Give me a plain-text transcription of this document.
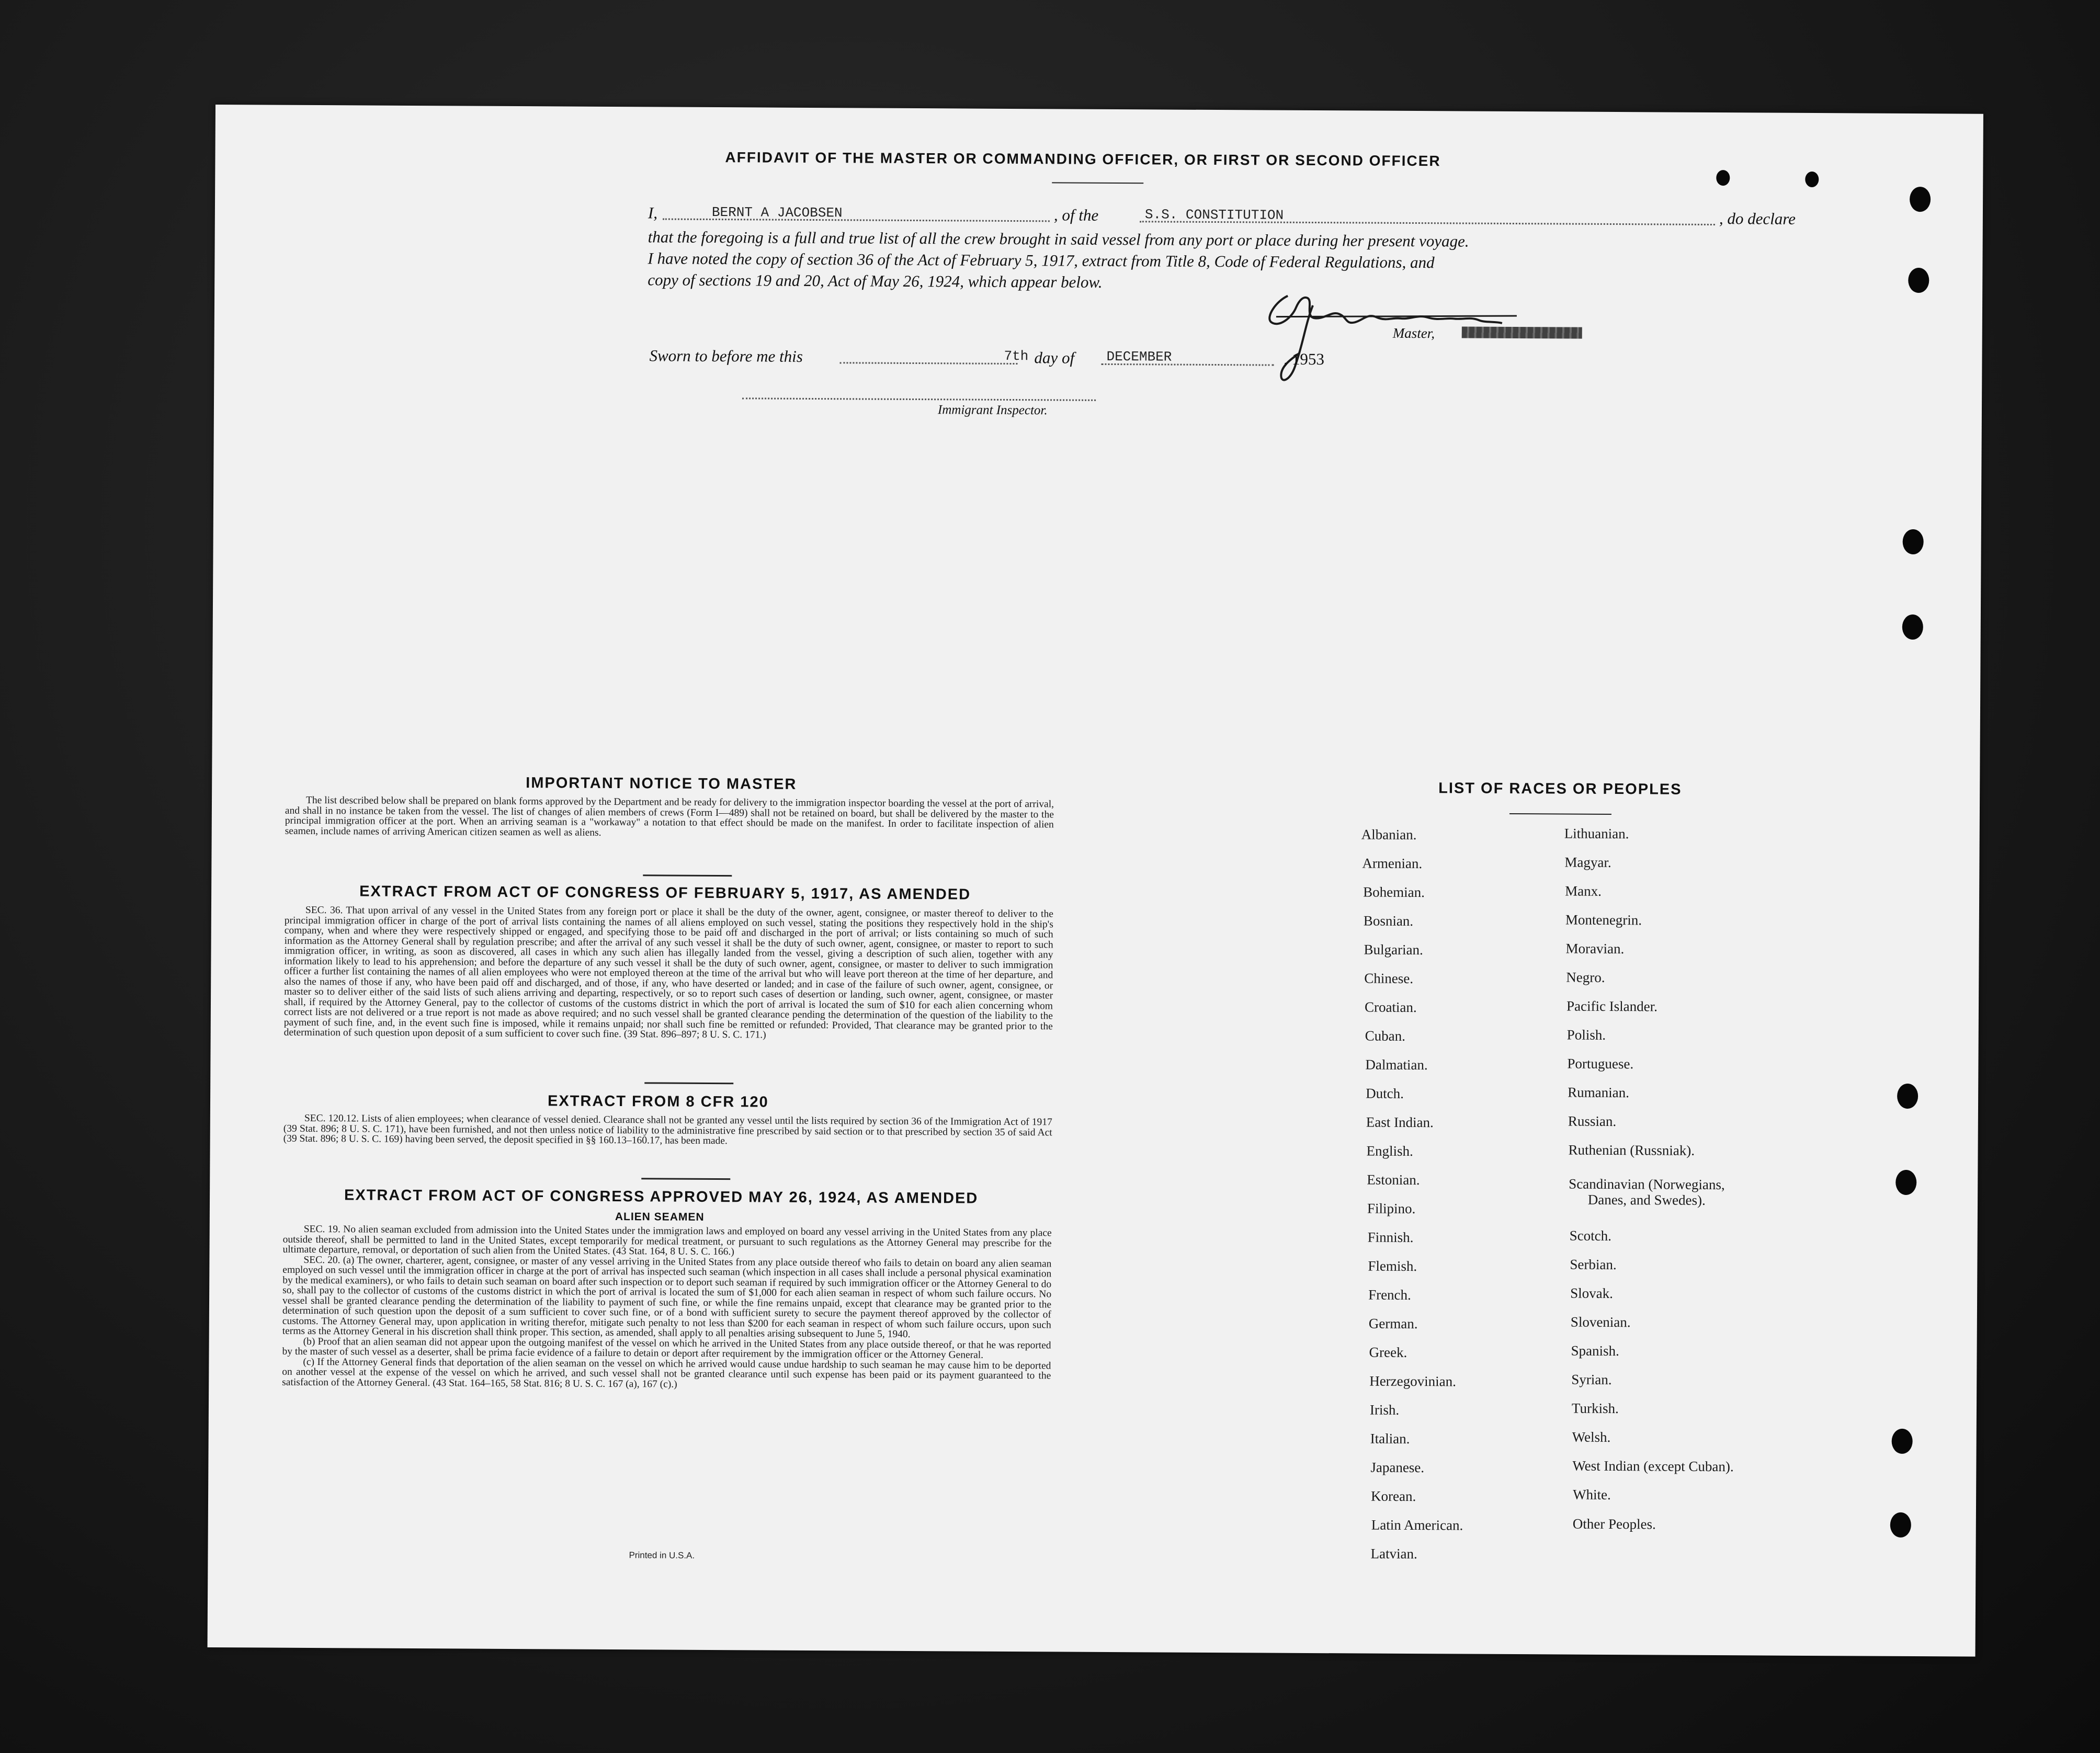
AFFIDAVIT OF THE MASTER OR COMMANDING OFFICER, OR FIRST OR SECOND OFFICER
I,	BERNT A JACOBSEN	, of the	S.S. CONSTITUTION	, do declare
that the foregoing is a full and true list of all the crew brought in said vessel from any port or place during her present voyage.
I have noted the copy of section 36 of the Act of February 5, 1917, extract from Title 8, Code of Federal Regulations, and
copy of sections 19 and 20, Act of May 26, 1924, which appear below.
Master,
Sworn to before me this	7th day of DECEMBER	, 1953
Immigrant Inspector.
IMPORTANT NOTICE TO MASTER

The list described below shall be prepared on blank forms approved by the Department and be ready for delivery to the immigration inspector boarding the vessel at the port of arrival, and shall in no instance be taken from the vessel. The list of changes of alien members of crews (Form I—489) shall not be retained on board, but shall be delivered by the master to the principal immigration officer at the port. When an arriving seaman is a "workaway" a notation to that effect should be made on the manifest. In order to facilitate inspection of alien seamen, include names of arriving American citizen seamen as well as aliens.

EXTRACT FROM ACT OF CONGRESS OF FEBRUARY 5, 1917, AS AMENDED

SEC. 36. That upon arrival of any vessel in the United States from any foreign port or place it shall be the duty of the owner, agent, consignee, or master thereof to deliver to the principal immigration officer in charge of the port of arrival lists containing the names of all aliens employed on such vessel, stating the positions they respectively hold in the ship's company, when and where they were respectively shipped or engaged, and specifying those to be paid off and discharged in the port of arrival; or lists containing so much of such information as the Attorney General shall by regulation prescribe; and after the arrival of any such vessel it shall be the duty of such owner, agent, consignee, or master to report to such immigration officer, in writing, as soon as discovered, all cases in which any such alien has illegally landed from the vessel, giving a description of such alien, together with any information likely to lead to his apprehension; and before the departure of any such vessel it shall be the duty of such owner, agent, consignee, or master to deliver to such immigration officer a further list containing the names of all alien employees who were not employed thereon at the time of the arrival but who will leave port thereon at the time of her departure, and also the names of those if any, who have been paid off and discharged, and of those, if any, who have deserted or landed; and in case of the failure of such owner, agent, consignee, or master so to deliver either of the said lists of such aliens arriving and departing, respectively, or so to report such cases of desertion or landing, such owner, agent, consignee, or master shall, if required by the Attorney General, pay to the collector of customs of the customs district in which the port of arrival is located the sum of $10 for each alien concerning whom correct lists are not delivered or a true report is not made as above required; and no such vessel shall be granted clearance pending the determination of the question of the liability to the payment of such fine, and, in the event such fine is imposed, while it remains unpaid; nor shall such fine be remitted or refunded: Provided, That clearance may be granted prior to the determination of such question upon deposit of a sum sufficient to cover such fine. (39 Stat. 896–897; 8 U. S. C. 171.)

EXTRACT FROM 8 CFR 120

SEC. 120.12. Lists of alien employees; when clearance of vessel denied. Clearance shall not be granted any vessel until the lists required by section 36 of the Immigration Act of 1917 (39 Stat. 896; 8 U. S. C. 171), have been furnished, and not then unless notice of liability to the administrative fine prescribed by said section or to that prescribed by section 35 of said Act (39 Stat. 896; 8 U. S. C. 169) having been served, the deposit specified in §§ 160.13–160.17, has been made.

EXTRACT FROM ACT OF CONGRESS APPROVED MAY 26, 1924, AS AMENDED
ALIEN SEAMEN

SEC. 19. No alien seaman excluded from admission into the United States under the immigration laws and employed on board any vessel arriving in the United States from any place outside thereof, shall be permitted to land in the United States, except temporarily for medical treatment, or pursuant to such regulations as the Attorney General may prescribe for the ultimate departure, removal, or deportation of such alien from the United States. (43 Stat. 164, 8 U. S. C. 166.)

SEC. 20. (a) The owner, charterer, agent, consignee, or master of any vessel arriving in the United States from any place outside thereof who fails to detain on board any alien seaman employed on such vessel until the immigration officer in charge at the port of arrival has inspected such seaman (which inspection in all cases shall include a personal physical examination by the medical examiners), or who fails to detain such seaman on board after such inspection or to deport such seaman if required by such immigration officer or the Attorney General to do so, shall pay to the collector of customs of the customs district in which the port of arrival is located the sum of $1,000 for each alien seaman in respect of whom such failure occurs. No vessel shall be granted clearance pending the determination of the liability to payment of such fine, or while the fine remains unpaid, except that clearance may be granted prior to the determination of such question upon the deposit of a sum sufficient to cover such fine, or of a bond with sufficient surety to secure the payment thereof approved by the collector of customs. The Attorney General may, upon application in writing therefor, mitigate such penalty to not less than $200 for each seaman in respect of whom such failure occurs, upon such terms as the Attorney General in his discretion shall think proper. This section, as amended, shall apply to all penalties arising subsequent to June 5, 1940.

(b) Proof that an alien seaman did not appear upon the outgoing manifest of the vessel on which he arrived in the United States from any place outside thereof, or that he was reported by the master of such vessel as a deserter, shall be prima facie evidence of a failure to detain or deport after requirement by the immigration officer or the Attorney General.

(c) If the Attorney General finds that deportation of the alien seaman on the vessel on which he arrived would cause undue hardship to such seaman he may cause him to be deported on another vessel at the expense of the vessel on which he arrived, and such vessel shall not be granted clearance until such expense has been paid or its payment guaranteed to the satisfaction of the Attorney General. (43 Stat. 164–165, 58 Stat. 816; 8 U. S. C. 167 (a), 167 (c).)

Printed in U.S.A.
LIST OF RACES OR PEOPLES
Albanian.
Armenian.
Bohemian.
Bosnian.
Bulgarian.
Chinese.
Croatian.
Cuban.
Dalmatian.
Dutch.
East Indian.
English.
Estonian.
Filipino.
Finnish.
Flemish.
French.
German.
Greek.
Herzegovinian.
Irish.
Italian.
Japanese.
Korean.
Latin American.
Lithuanian.
Magyar.
Manx.
Montenegrin.
Moravian.
Negro.
Pacific Islander.
Polish.
Portuguese.
Rumanian.
Russian.
Ruthenian (Russniak).
Scandinavian (Norwegians,
Danes, and Swedes).
Scotch.
Serbian.
Slovak.
Slovenian.
Spanish.
Syrian.
Turkish.
Welsh.
West Indian (except Cuban).
White.
Latvian.
Other Peoples.
